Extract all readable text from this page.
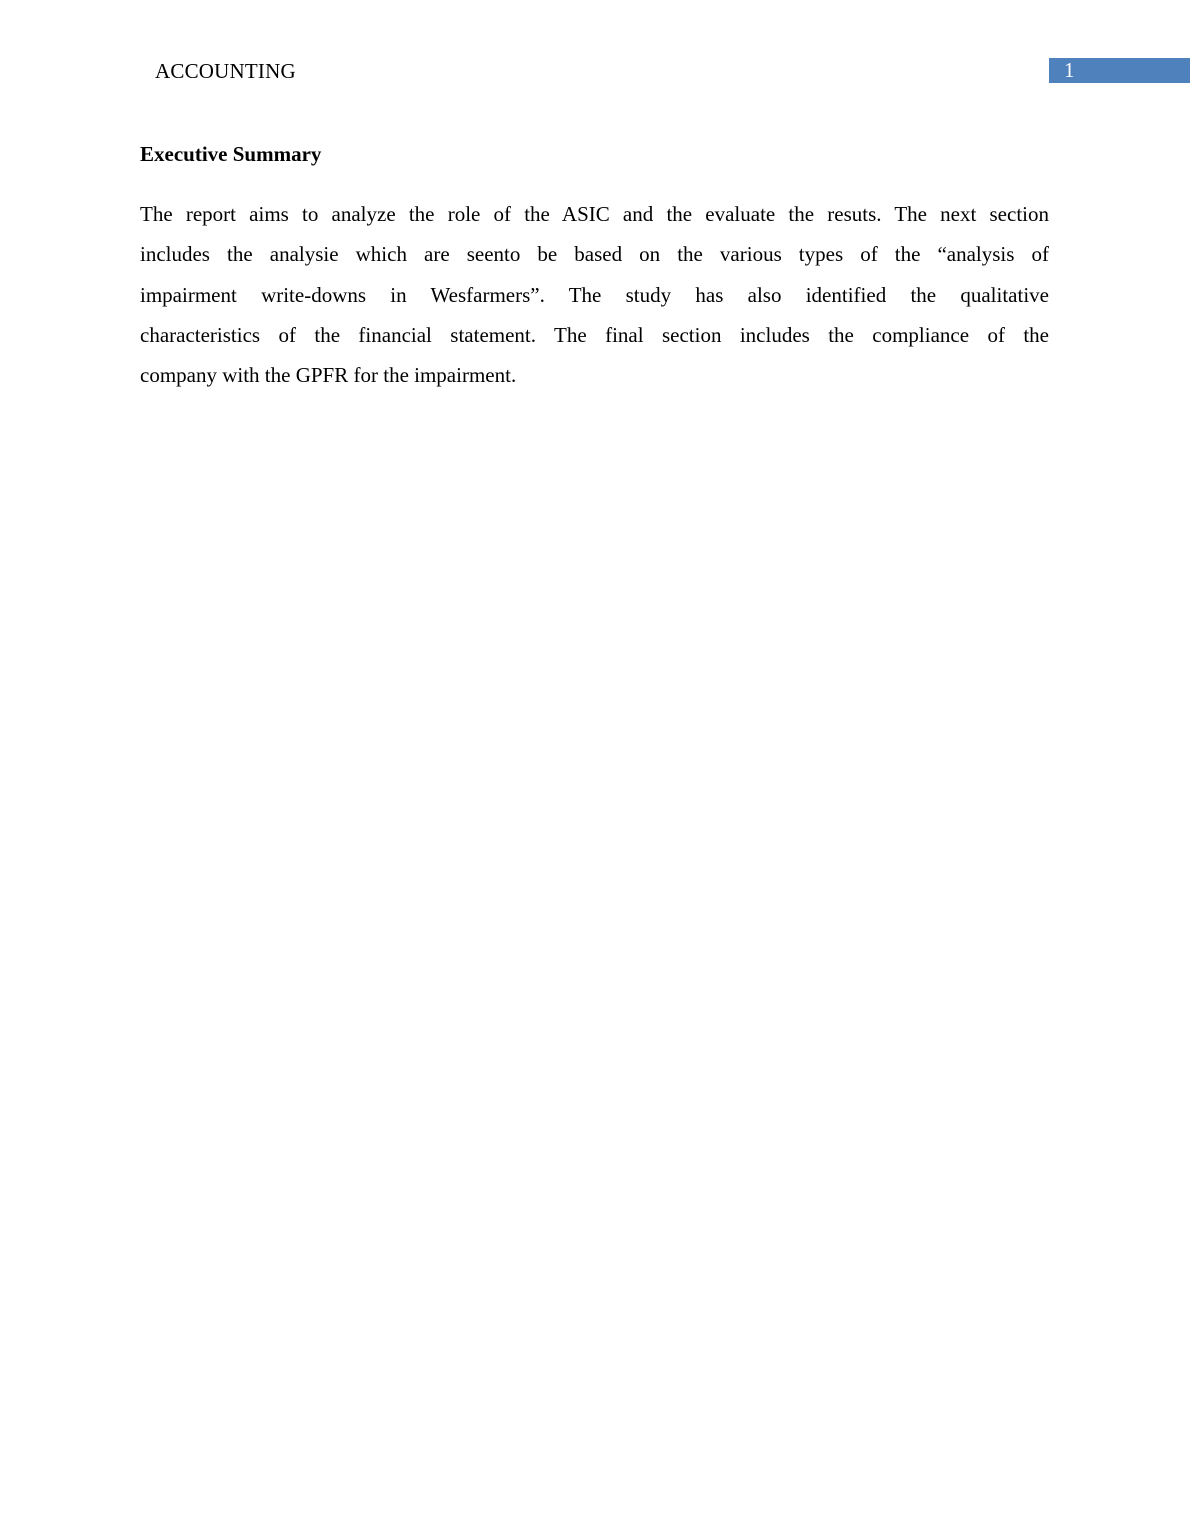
ACCOUNTING	1
Executive Summary

The report aims to analyze the role of the ASIC and the evaluate the resuts. The next section
includes the analysie which are seento be based on the various types of the “analysis of
impairment write-downs in Wesfarmers”. The study has also identified the qualitative
characteristics of the financial statement. The final section includes the compliance of the
company with the GPFR for the impairment.
